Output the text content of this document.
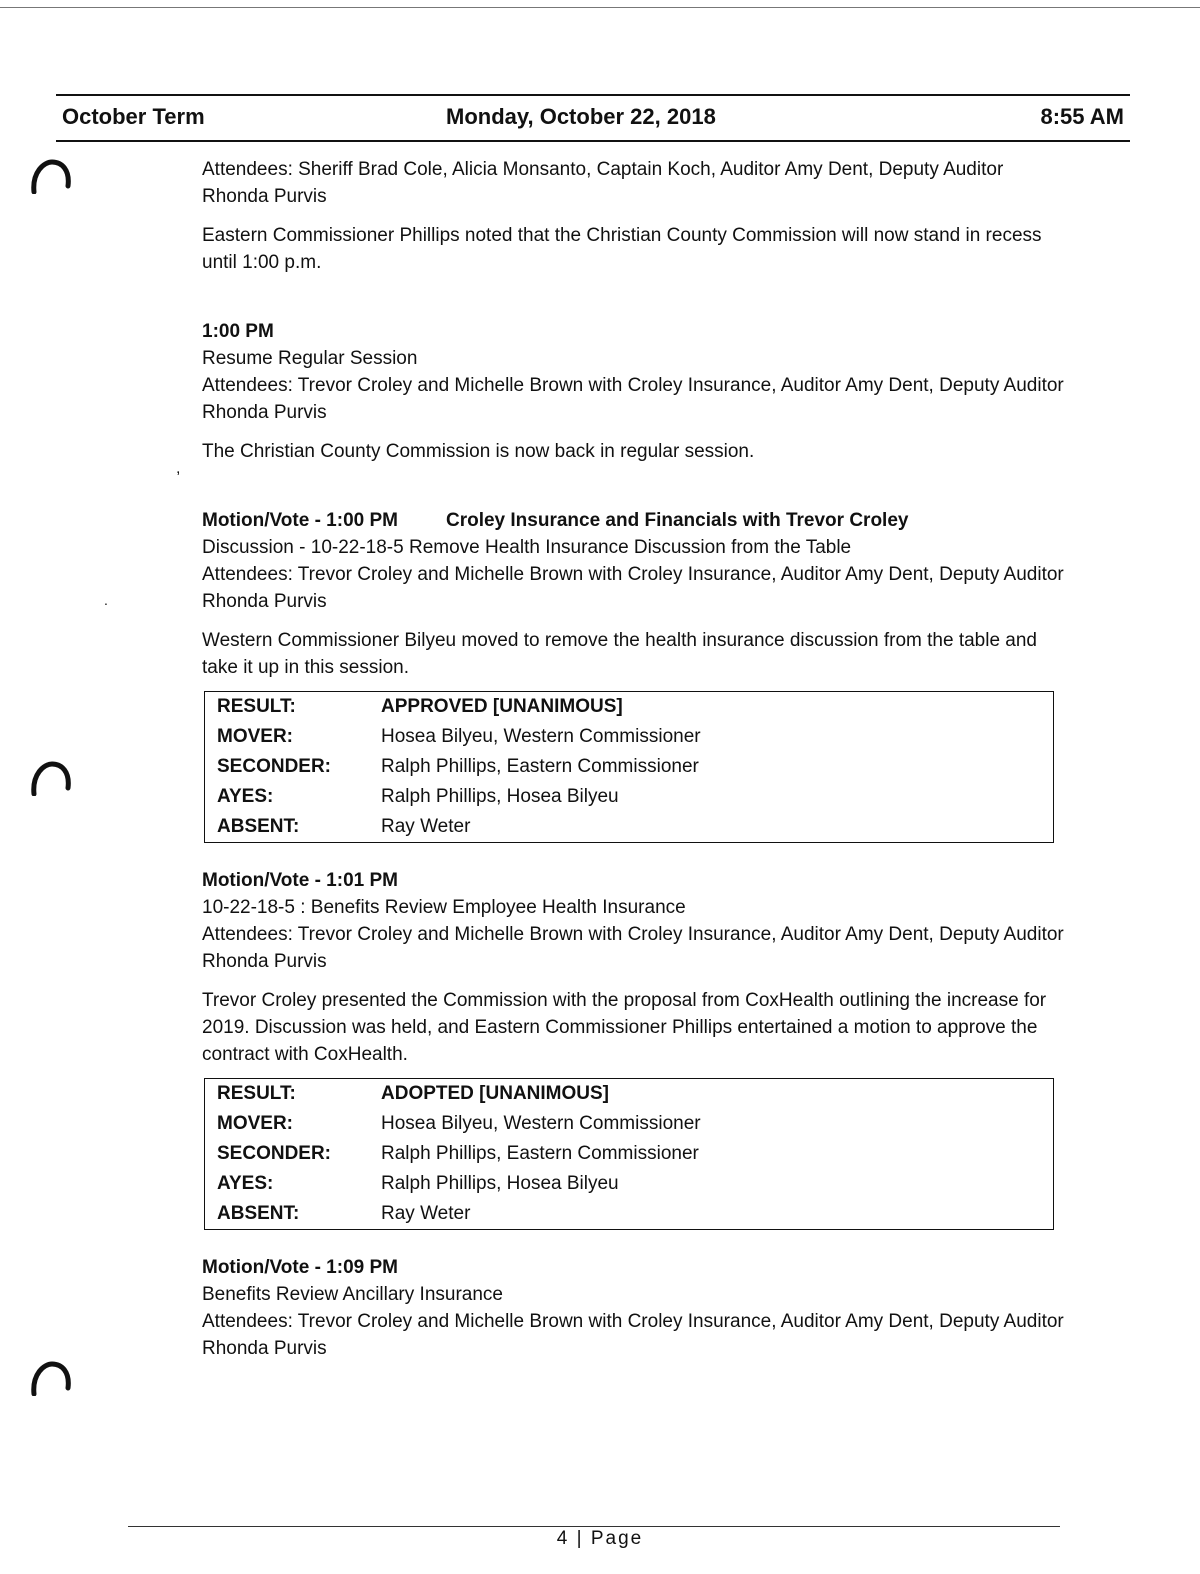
October Term	Monday, October 22, 2018	8:55 AM
,
.

Attendees: Sheriff Brad Cole, Alicia Monsanto, Captain Koch, Auditor Amy Dent, Deputy Auditor Rhonda Purvis

Eastern Commissioner Phillips noted that the Christian County Commission will now stand in recess until 1:00 p.m.

1:00 PM
Resume Regular Session
Attendees: Trevor Croley and Michelle Brown with Croley Insurance, Auditor Amy Dent, Deputy Auditor Rhonda Purvis

The Christian County Commission is now back in regular session.

Motion/Vote - 1:00 PM	Croley Insurance and Financials with Trevor Croley
Discussion - 10-22-18-5 Remove Health Insurance Discussion from the Table
Attendees: Trevor Croley and Michelle Brown with Croley Insurance, Auditor Amy Dent, Deputy Auditor Rhonda Purvis

Western Commissioner Bilyeu moved to remove the health insurance discussion from the table and take it up in this session.

RESULT:	APPROVED [UNANIMOUS]
MOVER:	Hosea Bilyeu, Western Commissioner
SECONDER:	Ralph Phillips, Eastern Commissioner
AYES:	Ralph Phillips, Hosea Bilyeu
ABSENT:	Ray Weter
Motion/Vote - 1:01 PM
10-22-18-5 : Benefits Review Employee Health Insurance
Attendees: Trevor Croley and Michelle Brown with Croley Insurance, Auditor Amy Dent, Deputy Auditor Rhonda Purvis

Trevor Croley presented the Commission with the proposal from CoxHealth outlining the increase for 2019. Discussion was held, and Eastern Commissioner Phillips entertained a motion to approve the contract with CoxHealth.

RESULT:	ADOPTED [UNANIMOUS]
MOVER:	Hosea Bilyeu, Western Commissioner
SECONDER:	Ralph Phillips, Eastern Commissioner
AYES:	Ralph Phillips, Hosea Bilyeu
ABSENT:	Ray Weter
Motion/Vote - 1:09 PM
Benefits Review Ancillary Insurance
Attendees: Trevor Croley and Michelle Brown with Croley Insurance, Auditor Amy Dent, Deputy Auditor Rhonda Purvis
4 | Page
